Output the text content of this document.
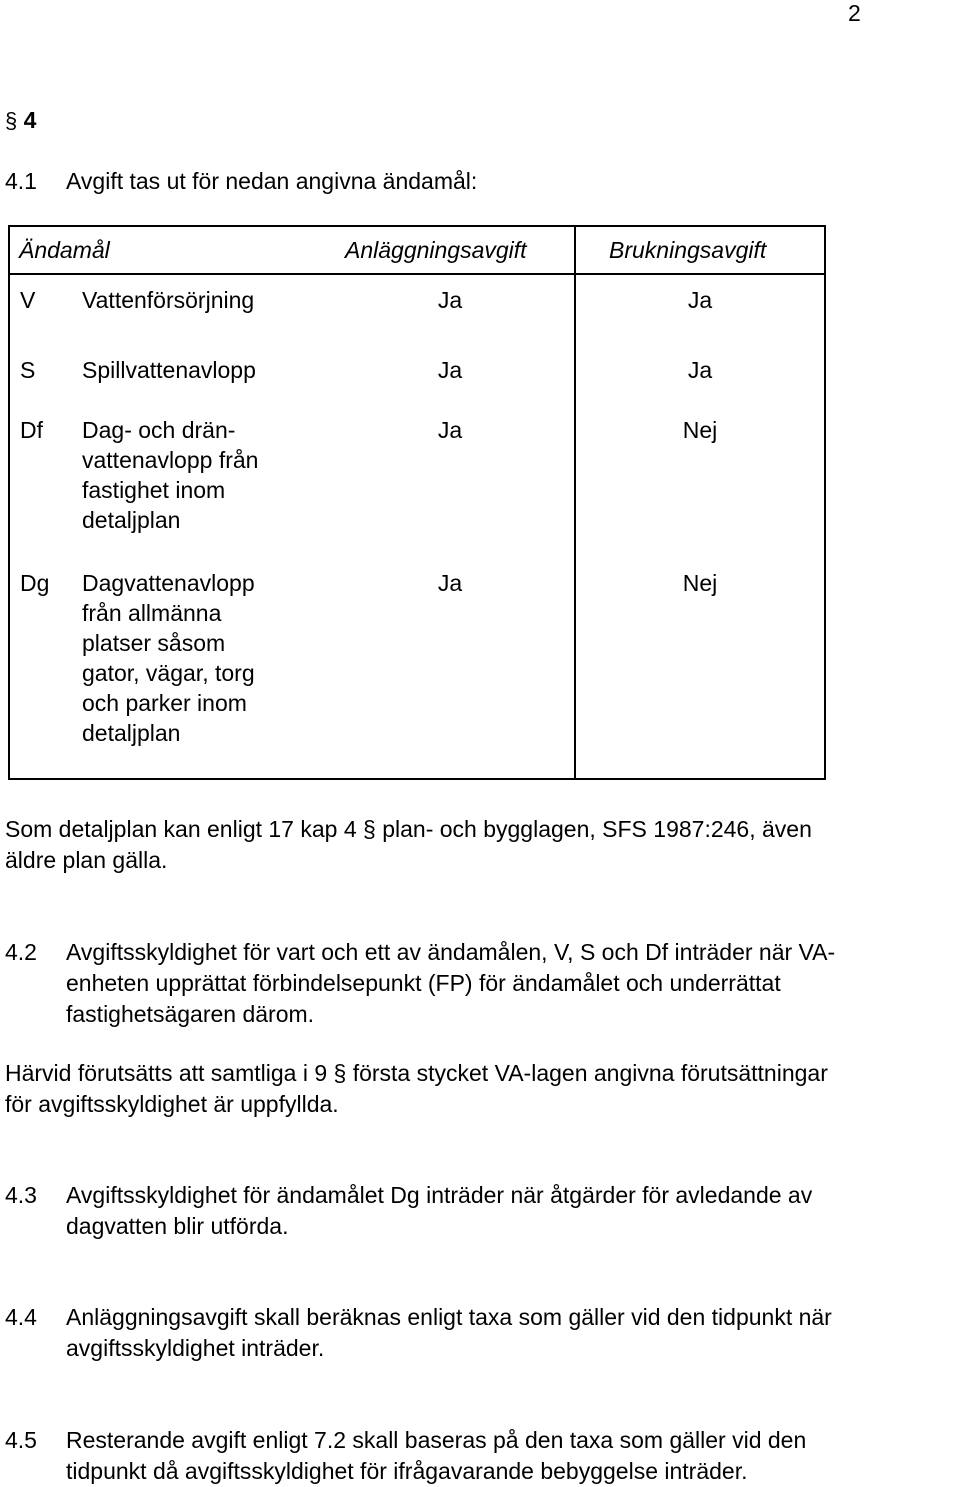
2
§ 4
4.1 Avgift tas ut för nedan angivna ändamål:
Ändamål	Anläggningsavgift	Brukningsavgift
V Vattenförsörjning	Ja	Ja
S Spillvattenavlopp	Ja	Ja
Df Dag- och drän-
vattenavlopp från
fastighet inom
detaljplan
Ja	Nej
Dg Dagvattenavlopp
från allmänna
platser såsom
gator, vägar, torg
och parker inom
detaljplan
Ja	Nej
Som detaljplan kan enligt 17 kap 4 § plan- och bygglagen, SFS 1987:246, även
äldre plan gälla.
4.2 Avgiftsskyldighet för vart och ett av ändamålen, V, S och Df inträder när VA-
enheten upprättat förbindelsepunkt (FP) för ändamålet och underrättat
fastighetsägaren därom.
Härvid förutsätts att samtliga i 9 § första stycket VA-lagen angivna förutsättningar
för avgiftsskyldighet är uppfyllda.
4.3 Avgiftsskyldighet för ändamålet Dg inträder när åtgärder för avledande av
dagvatten blir utförda.
4.4 Anläggningsavgift skall beräknas enligt taxa som gäller vid den tidpunkt när
avgiftsskyldighet inträder.
4.5 Resterande avgift enligt 7.2 skall baseras på den taxa som gäller vid den
tidpunkt då avgiftsskyldighet för ifrågavarande bebyggelse inträder.
